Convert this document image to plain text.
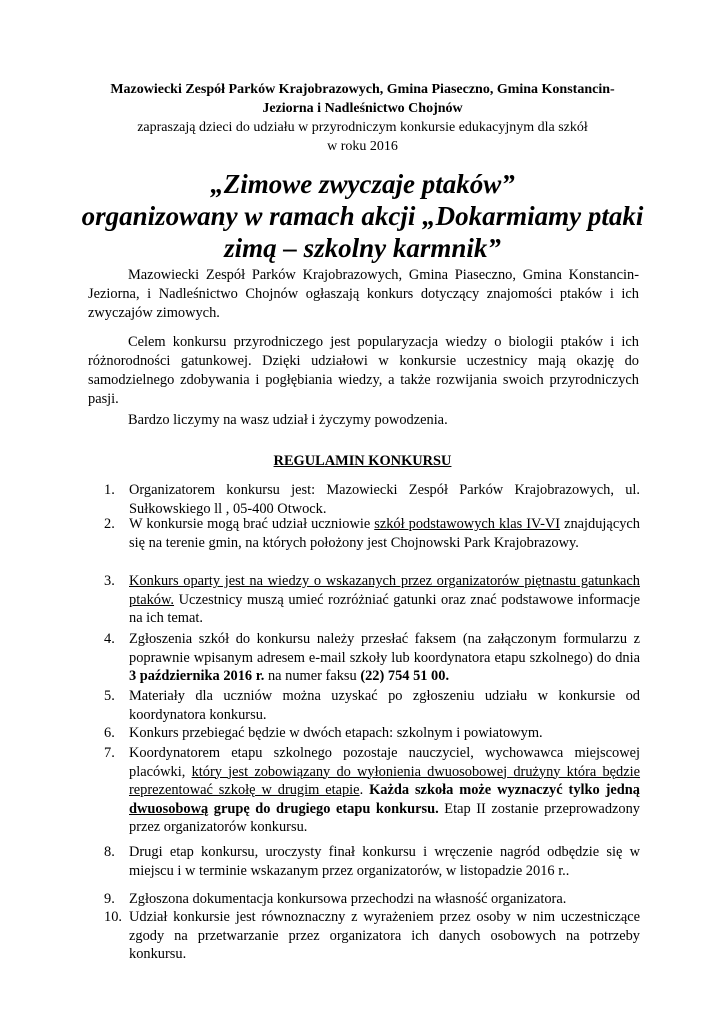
Mazowiecki Zespół Parków Krajobrazowych, Gmina Piaseczno, Gmina Konstancin-
Jeziorna i Nadleśnictwo Chojnów
zapraszają dzieci do udziału w przyrodniczym konkursie edukacyjnym dla szkół
w roku 2016
„Zimowe zwyczaje ptaków”
organizowany w ramach akcji „Dokarmiamy ptaki
zimą – szkolny karmnik”
Mazowiecki Zespół Parków Krajobrazowych, Gmina Piaseczno, Gmina Konstancin-Jeziorna, i Nadleśnictwo Chojnów ogłaszają konkurs dotyczący znajomości ptaków i ich zwyczajów zimowych.
Celem konkursu przyrodniczego jest popularyzacja wiedzy o biologii ptaków i ich różnorodności gatunkowej. Dzięki udziałowi w konkursie uczestnicy mają okazję do samodzielnego zdobywania i pogłębiania wiedzy, a także rozwijania swoich przyrodniczych pasji.
Bardzo liczymy na wasz udział i życzymy powodzenia.
REGULAMIN KONKURSU
1. Organizatorem konkursu jest: Mazowiecki Zespół Parków Krajobrazowych, ul. Sułkowskiego ll , 05-400 Otwock.
2. W konkursie mogą brać udział uczniowie szkół podstawowych klas IV-VI znajdujących się na terenie gmin, na których położony jest Chojnowski Park Krajobrazowy.
3. Konkurs oparty jest na wiedzy o wskazanych przez organizatorów piętnastu gatunkach ptaków. Uczestnicy muszą umieć rozróżniać gatunki oraz znać podstawowe informacje na ich temat.
4. Zgłoszenia szkół do konkursu należy przesłać faksem (na załączonym formularzu z poprawnie wpisanym adresem e-mail szkoły lub koordynatora etapu szkolnego) do dnia 3 października 2016 r. na numer faksu (22) 754 51 00.
5. Materiały dla uczniów można uzyskać po zgłoszeniu udziału w konkursie od koordynatora konkursu.
6. Konkurs przebiegać będzie w dwóch etapach: szkolnym i powiatowym.
7. Koordynatorem etapu szkolnego pozostaje nauczyciel, wychowawca miejscowej placówki, który jest zobowiązany do wyłonienia dwuosobowej drużyny która będzie reprezentować szkołę w drugim etapie. Każda szkoła może wyznaczyć tylko jedną dwuosobową grupę do drugiego etapu konkursu. Etap II zostanie przeprowadzony przez organizatorów konkursu.
8. Drugi etap konkursu, uroczysty finał konkursu i wręczenie nagród odbędzie się w miejscu i w terminie wskazanym przez organizatorów, w listopadzie 2016 r..
9. Zgłoszona dokumentacja konkursowa przechodzi na własność organizatora.
10. Udział konkursie jest równoznaczny z wyrażeniem przez osoby w nim uczestniczące zgody na przetwarzanie przez organizatora ich danych osobowych na potrzeby konkursu.
